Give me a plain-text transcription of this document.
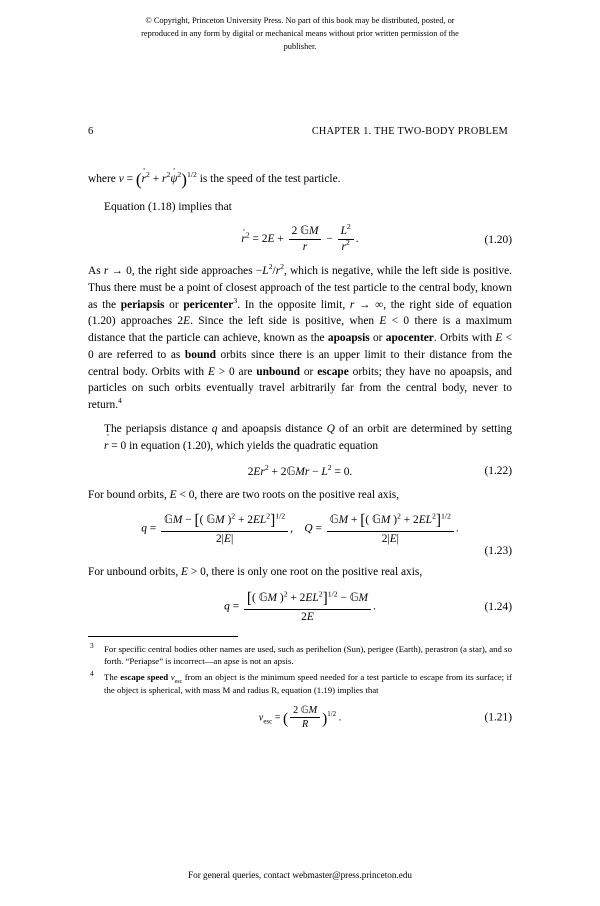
© Copyright, Princeton University Press. No part of this book may be distributed, posted, or reproduced in any form by digital or mechanical means without prior written permission of the publisher.
6	CHAPTER 1. THE TWO-BODY PROBLEM

where v = (r ˙$^2$ + $r^2\psi$ ˙$^2$)$^{1/2}$ is the speed of the test particle.

Equation (1.18) implies that

r ˙$^2$ = $2E + \frac{\text{2 𝔾M}}{r} - \frac{L^2}{r^2}$ .	(1.20)

As r → 0, the right side approaches $-L^2/r^2$, which is negative, while the left side is positive. Thus there must be a point of closest approach of the test particle to the central body, known as the periapsis or pericenter$^3$. In the opposite limit, r → ∞, the right side of equation (1.20) approaches 2E. Since the left side is positive, when E < 0 there is a maximum distance that the particle can achieve, known as the apoapsis or apocenter. Orbits with E < 0 are referred to as bound orbits since there is an upper limit to their distance from the central body. Orbits with E > 0 are unbound or escape orbits; they have no apoapsis, and particles on such orbits eventually travel arbitrarily far from the central body, never to return.$^4$

The periapsis distance q and apoapsis distance Q of an orbit are determined by setting r ˙ = 0 in equation (1.20), which yields the quadratic equation

$2Er^2$ + 2𝔾Mr − $L^2 = 0$.	(1.22)

For bound orbits, E < 0, there are two roots on the positive real axis,

$q = \frac{𝔾M - [( 𝔾M )^2 + 2EL^2]^{1/2}}{2|E|}$ ,    $Q = \frac{𝔾M + [( 𝔾M )^2 + 2EL^2]^{1/2}}{2|E|}$ .
(1.23)

For unbound orbits, E > 0, there is only one root on the positive real axis,

$q = \frac{[( 𝔾M )^2 + 2EL^2]^{1/2} - 𝔾M}{2E}$ .	(1.24)
3 For specific central bodies other names are used, such as perihelion (Sun), perigee (Earth), perastron (a star), and so forth. “Periapse” is incorrect—an apse is not an apsis.
4 The escape speed $v_{esc}$ from an object is the minimum speed needed for a test particle to escape from its surface; if the object is spherical, with mass M and radius R, equation (1.19) implies that
$v_{esc}$ = ( $\frac{\text{2 𝔾M}}{R} )^{1/2}$ .	(1.21)
For general queries, contact webmaster@press.princeton.edu
